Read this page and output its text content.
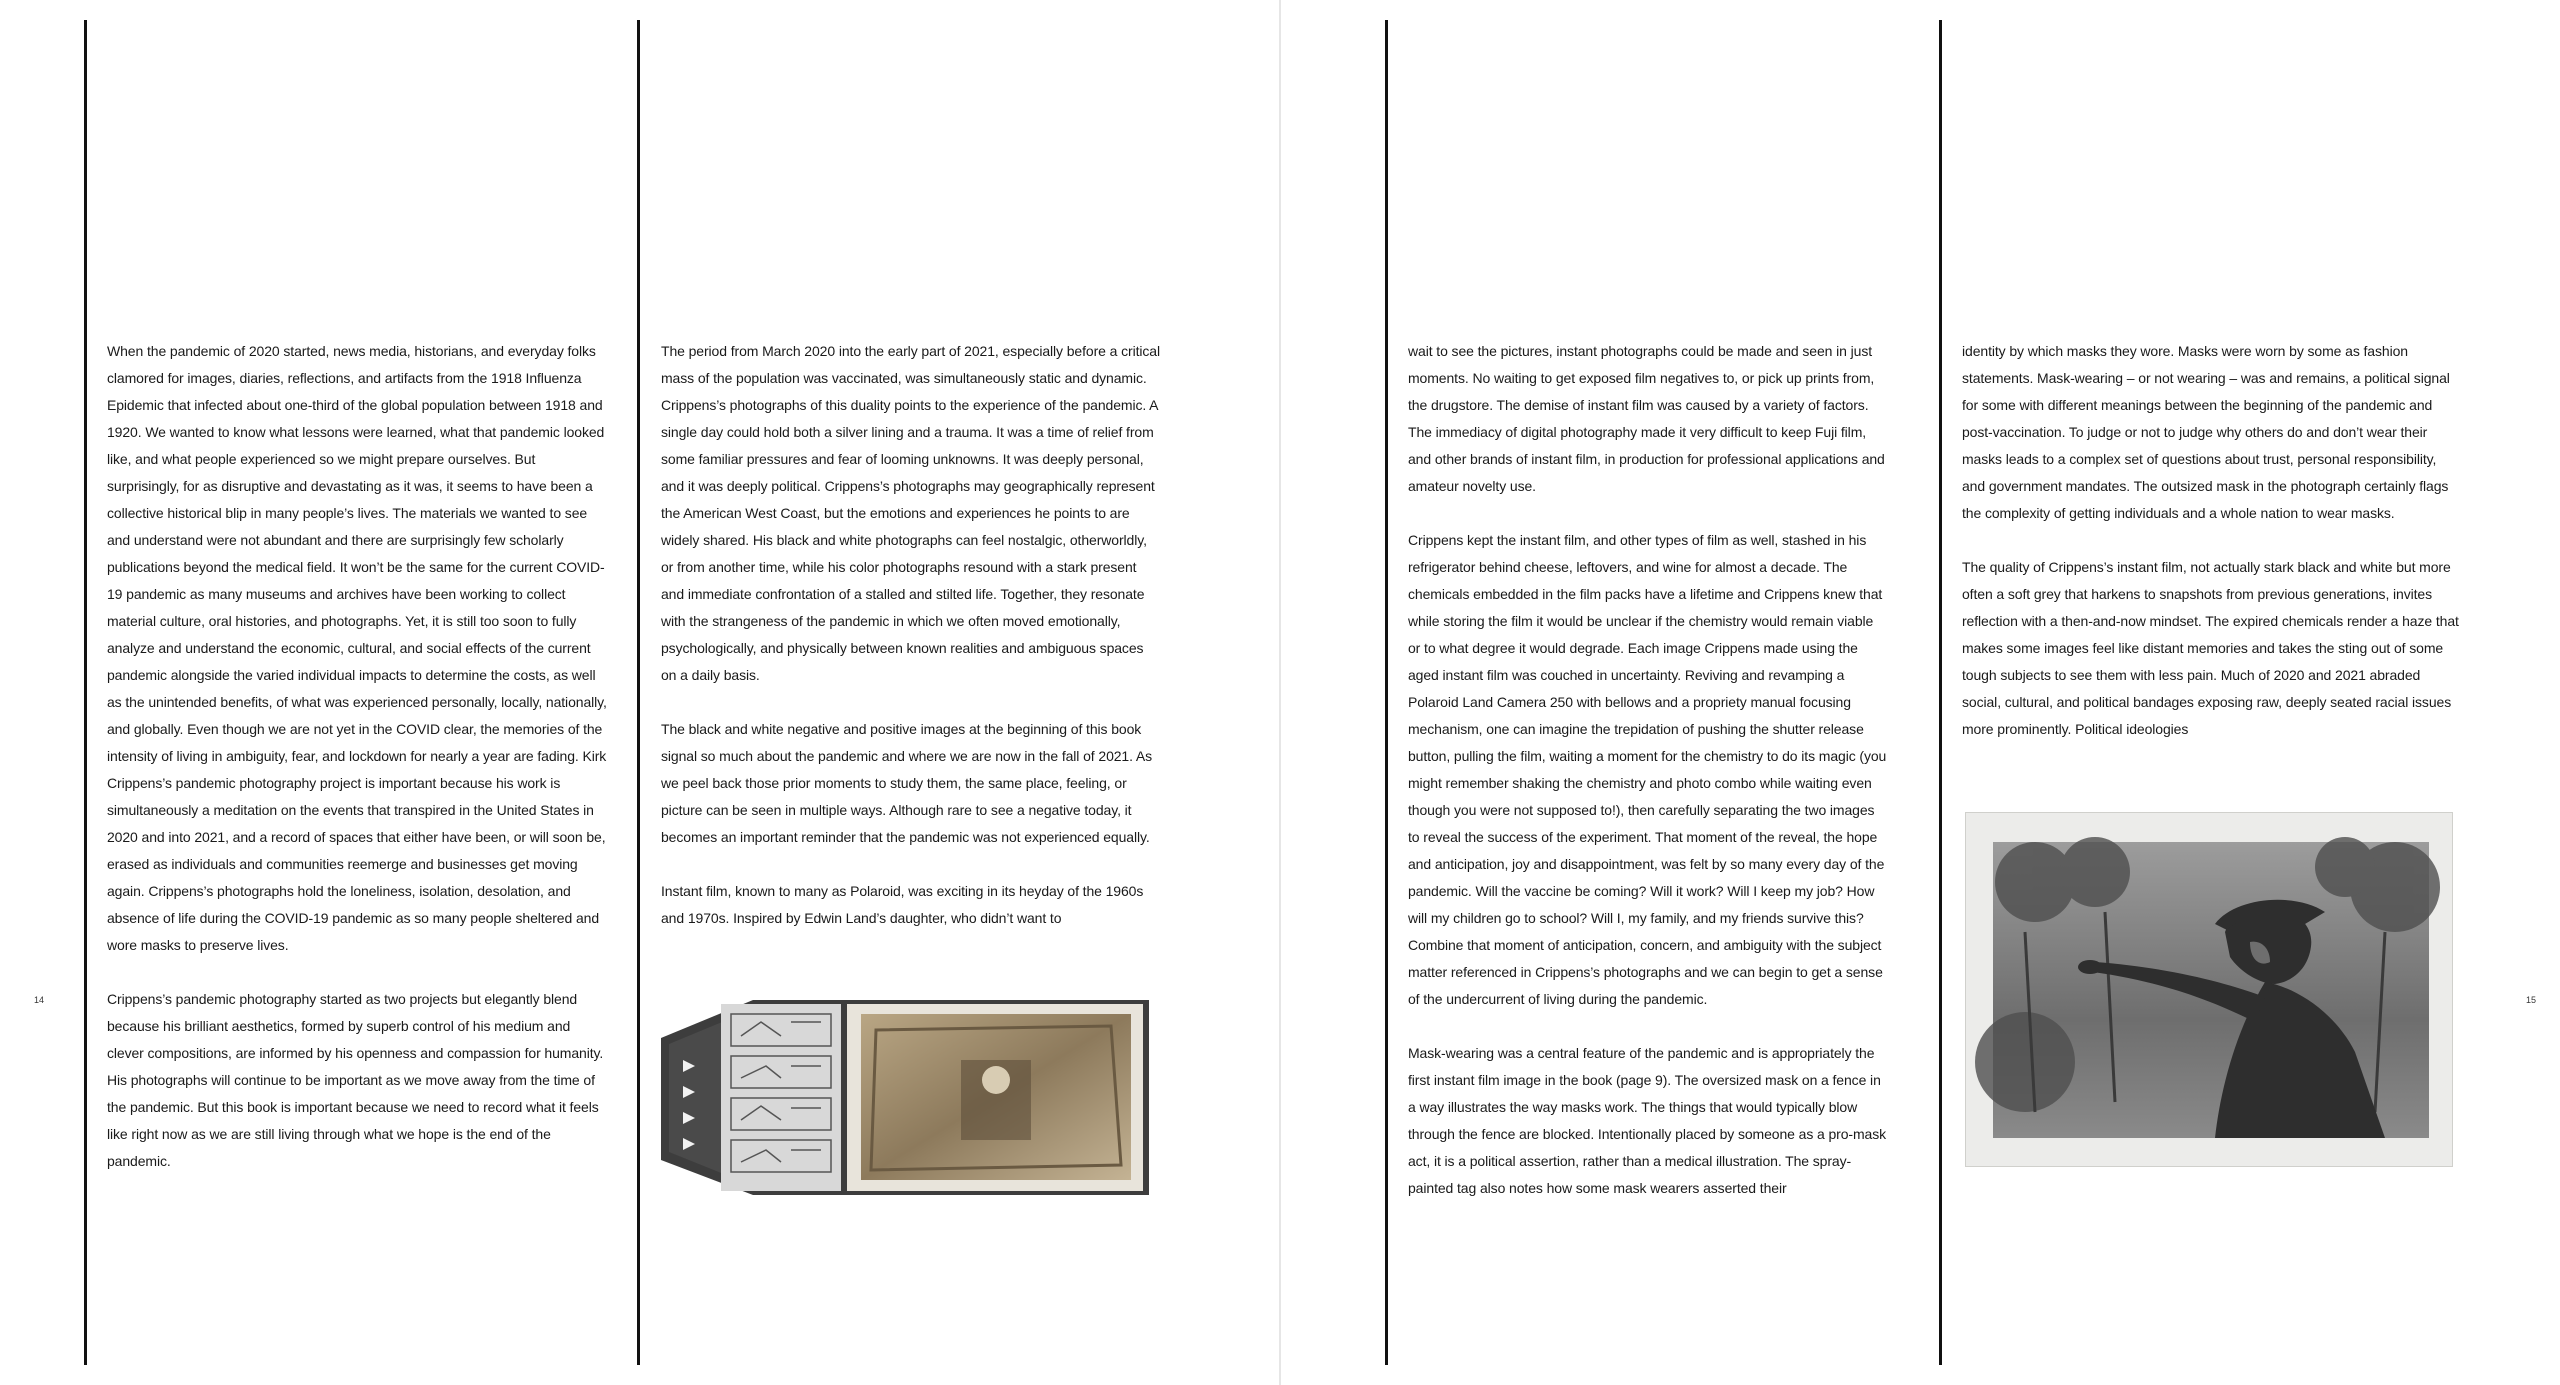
When the pandemic of 2020 started, news media, historians, and everyday folks clamored for images, diaries, reflections, and artifacts from the 1918 Influenza Epidemic that infected about one-third of the global population between 1918 and 1920. We wanted to know what lessons were learned, what that pandemic looked like, and what people experienced so we might prepare ourselves. But surprisingly, for as disruptive and devastating as it was, it seems to have been a collective historical blip in many people’s lives. The materials we wanted to see and understand were not abundant and there are surprisingly few scholarly publications beyond the medical field. It won’t be the same for the current COVID-19 pandemic as many museums and archives have been working to collect material culture, oral histories, and photographs. Yet, it is still too soon to fully analyze and understand the economic, cultural, and social effects of the current pandemic alongside the varied individual impacts to determine the costs, as well as the unintended benefits, of what was experienced personally, locally, nationally, and globally. Even though we are not yet in the COVID clear, the memories of the intensity of living in ambiguity, fear, and lockdown for nearly a year are fading. Kirk Crippens’s pandemic photography project is important because his work is simultaneously a meditation on the events that transpired in the United States in 2020 and into 2021, and a record of spaces that either have been, or will soon be, erased as individuals and communities reemerge and businesses get moving again. Crippens’s photographs hold the loneliness, isolation, desolation, and absence of life during the COVID-19 pandemic as so many people sheltered and wore masks to preserve lives.

Crippens’s pandemic photography started as two projects but elegantly blend because his brilliant aesthetics, formed by superb control of his medium and clever compositions, are informed by his openness and compassion for humanity. His photographs will continue to be important as we move away from the time of the pandemic. But this book is important because we need to record what it feels like right now as we are still living through what we hope is the end of the pandemic.

The period from March 2020 into the early part of 2021, especially before a critical mass of the population was vaccinated, was simultaneously static and dynamic. Crippens’s photographs of this duality points to the experience of the pandemic. A single day could hold both a silver lining and a trauma. It was a time of relief from some familiar pressures and fear of looming unknowns. It was deeply personal, and it was deeply political. Crippens’s photographs may geographically represent the American West Coast, but the emotions and experiences he points to are widely shared. His black and white photographs can feel nostalgic, otherworldly, or from another time, while his color photographs resound with a stark present and immediate confrontation of a stalled and stilted life. Together, they resonate with the strangeness of the pandemic in which we often moved emotionally, psychologically, and physically between known realities and ambiguous spaces on a daily basis.

The black and white negative and positive images at the beginning of this book signal so much about the pandemic and where we are now in the fall of 2021. As we peel back those prior moments to study them, the same place, feeling, or picture can be seen in multiple ways. Although rare to see a negative today, it becomes an important reminder that the pandemic was not experienced equally.

Instant film, known to many as Polaroid, was exciting in its heyday of the 1960s and 1970s. Inspired by Edwin Land’s daughter, who didn’t want to

14

wait to see the pictures, instant photographs could be made and seen in just moments. No waiting to get exposed film negatives to, or pick up prints from, the drugstore. The demise of instant film was caused by a variety of factors. The immediacy of digital photography made it very difficult to keep Fuji film, and other brands of instant film, in production for professional applications and amateur novelty use.

Crippens kept the instant film, and other types of film as well, stashed in his refrigerator behind cheese, leftovers, and wine for almost a decade. The chemicals embedded in the film packs have a lifetime and Crippens knew that while storing the film it would be unclear if the chemistry would remain viable or to what degree it would degrade. Each image Crippens made using the aged instant film was couched in uncertainty. Reviving and revamping a Polaroid Land Camera 250 with bellows and a propriety manual focusing mechanism, one can imagine the trepidation of pushing the shutter release button, pulling the film, waiting a moment for the chemistry to do its magic (you might remember shaking the chemistry and photo combo while waiting even though you were not supposed to!), then carefully separating the two images to reveal the success of the experiment. That moment of the reveal, the hope and anticipation, joy and disappointment, was felt by so many every day of the pandemic. Will the vaccine be coming? Will it work? Will I keep my job? How will my children go to school? Will I, my family, and my friends survive this? Combine that moment of anticipation, concern, and ambiguity with the subject matter referenced in Crippens’s photographs and we can begin to get a sense of the undercurrent of living during the pandemic.

Mask-wearing was a central feature of the pandemic and is appropriately the first instant film image in the book (page 9). The oversized mask on a fence in a way illustrates the way masks work. The things that would typically blow through the fence are blocked. Intentionally placed by someone as a pro-mask act, it is a political assertion, rather than a medical illustration. The spray-painted tag also notes how some mask wearers asserted their

identity by which masks they wore. Masks were worn by some as fashion statements. Mask-wearing – or not wearing – was and remains, a political signal for some with different meanings between the beginning of the pandemic and post-vaccination. To judge or not to judge why others do and don’t wear their masks leads to a complex set of questions about trust, personal responsibility, and government mandates. The outsized mask in the photograph certainly flags the complexity of getting individuals and a whole nation to wear masks.

The quality of Crippens’s instant film, not actually stark black and white but more often a soft grey that harkens to snapshots from previous generations, invites reflection with a then-and-now mindset. The expired chemicals render a haze that makes some images feel like distant memories and takes the sting out of some tough subjects to see them with less pain. Much of 2020 and 2021 abraded social, cultural, and political bandages exposing raw, deeply seated racial issues more prominently. Political ideologies

15
